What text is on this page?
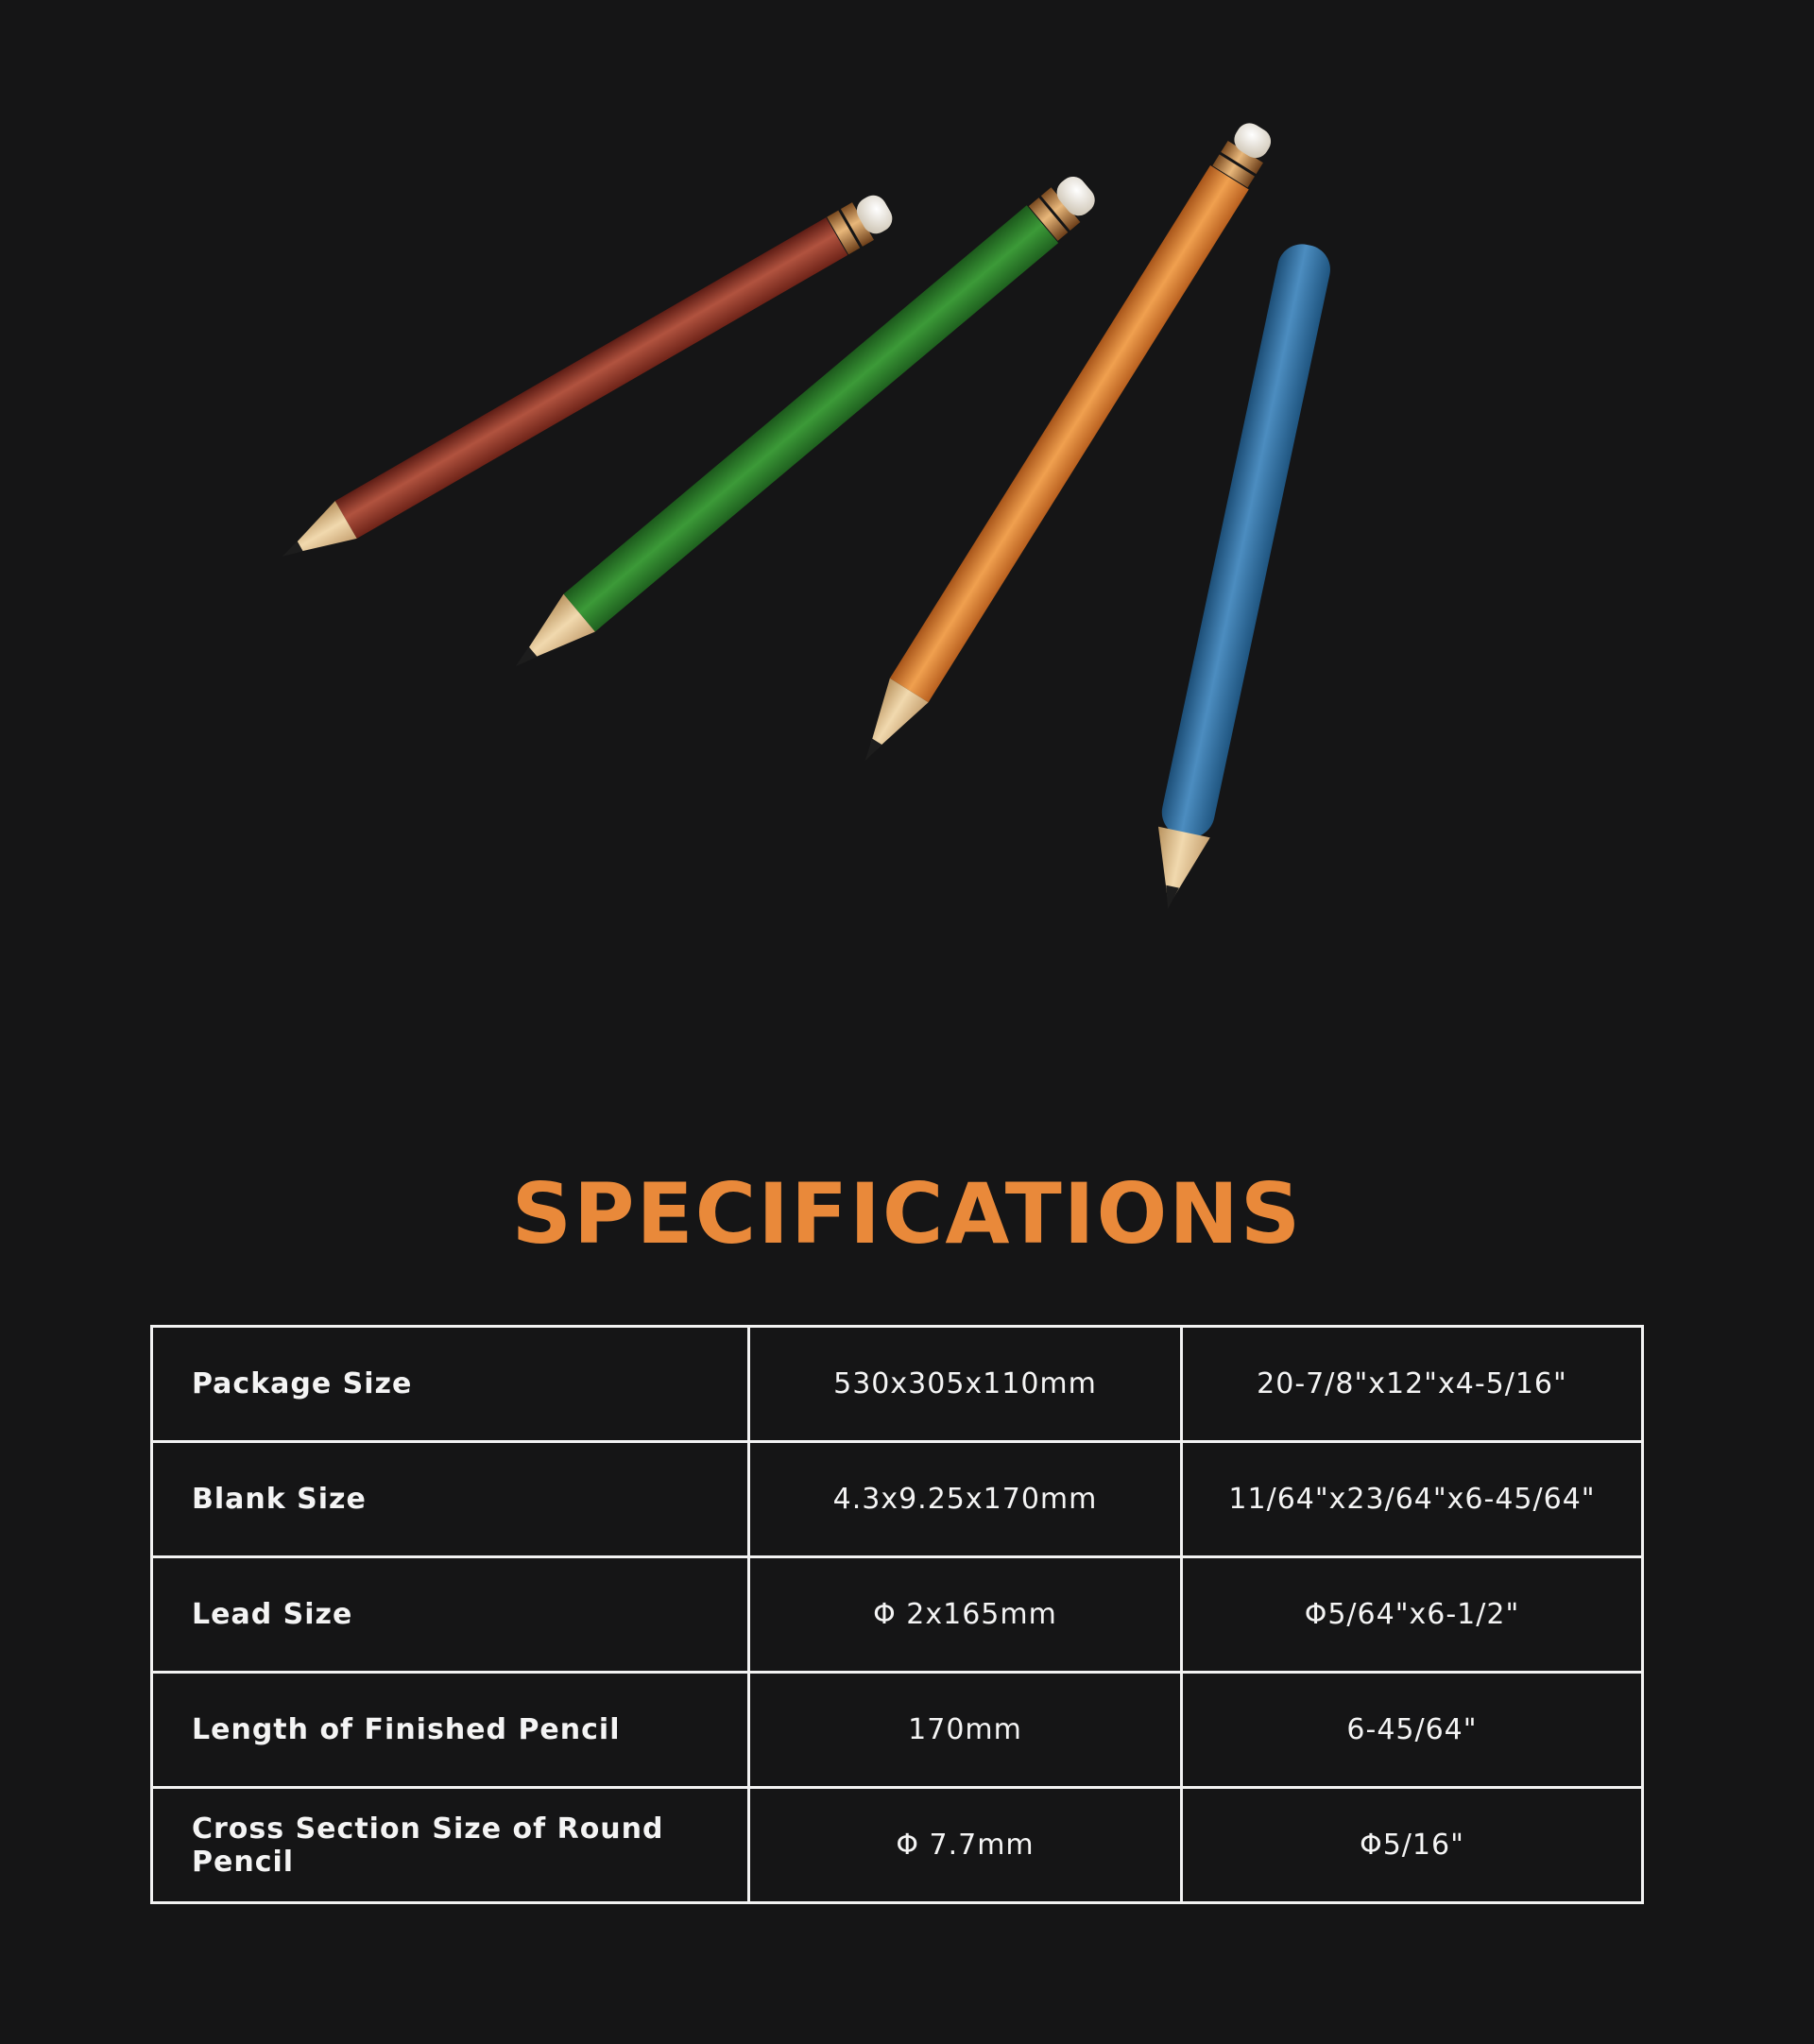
SPECIFICATIONS
Package Size	530x305x110mm	20-7/8"x12"x4-5/16"
Blank Size	4.3x9.25x170mm	11/64"x23/64"x6-45/64"
Lead Size	Φ 2x165mm	Φ5/64"x6-1/2"
Length of Finished Pencil	170mm	6-45/64"
Cross Section Size of Round Pencil	Φ 7.7mm	Φ5/16"
